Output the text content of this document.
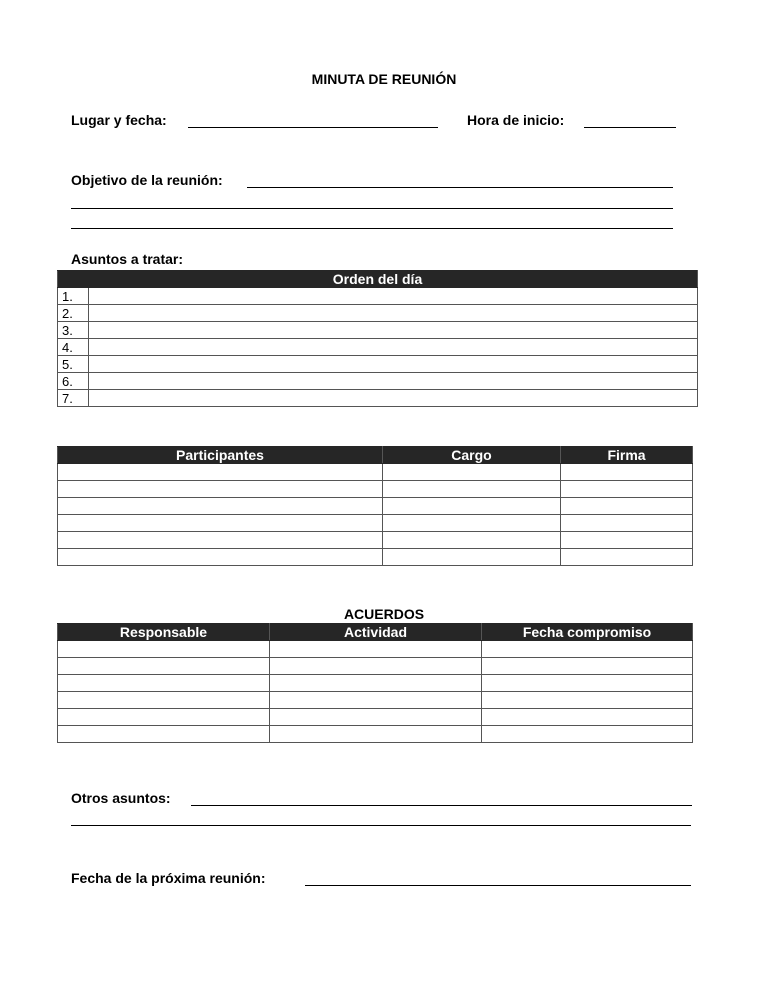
MINUTA DE REUNIÓN
Lugar y fecha:	Hora de inicio:
Objetivo de la reunión:
Asuntos a tratar:
Orden del día	
1.	
2.	
3.	
4.	
5.	
6.	
7.	
Participantes	Cargo	Firma

ACUERDOS
Responsable	Actividad	Fecha compromiso

Otros asuntos:
Fecha de la próxima reunión:
